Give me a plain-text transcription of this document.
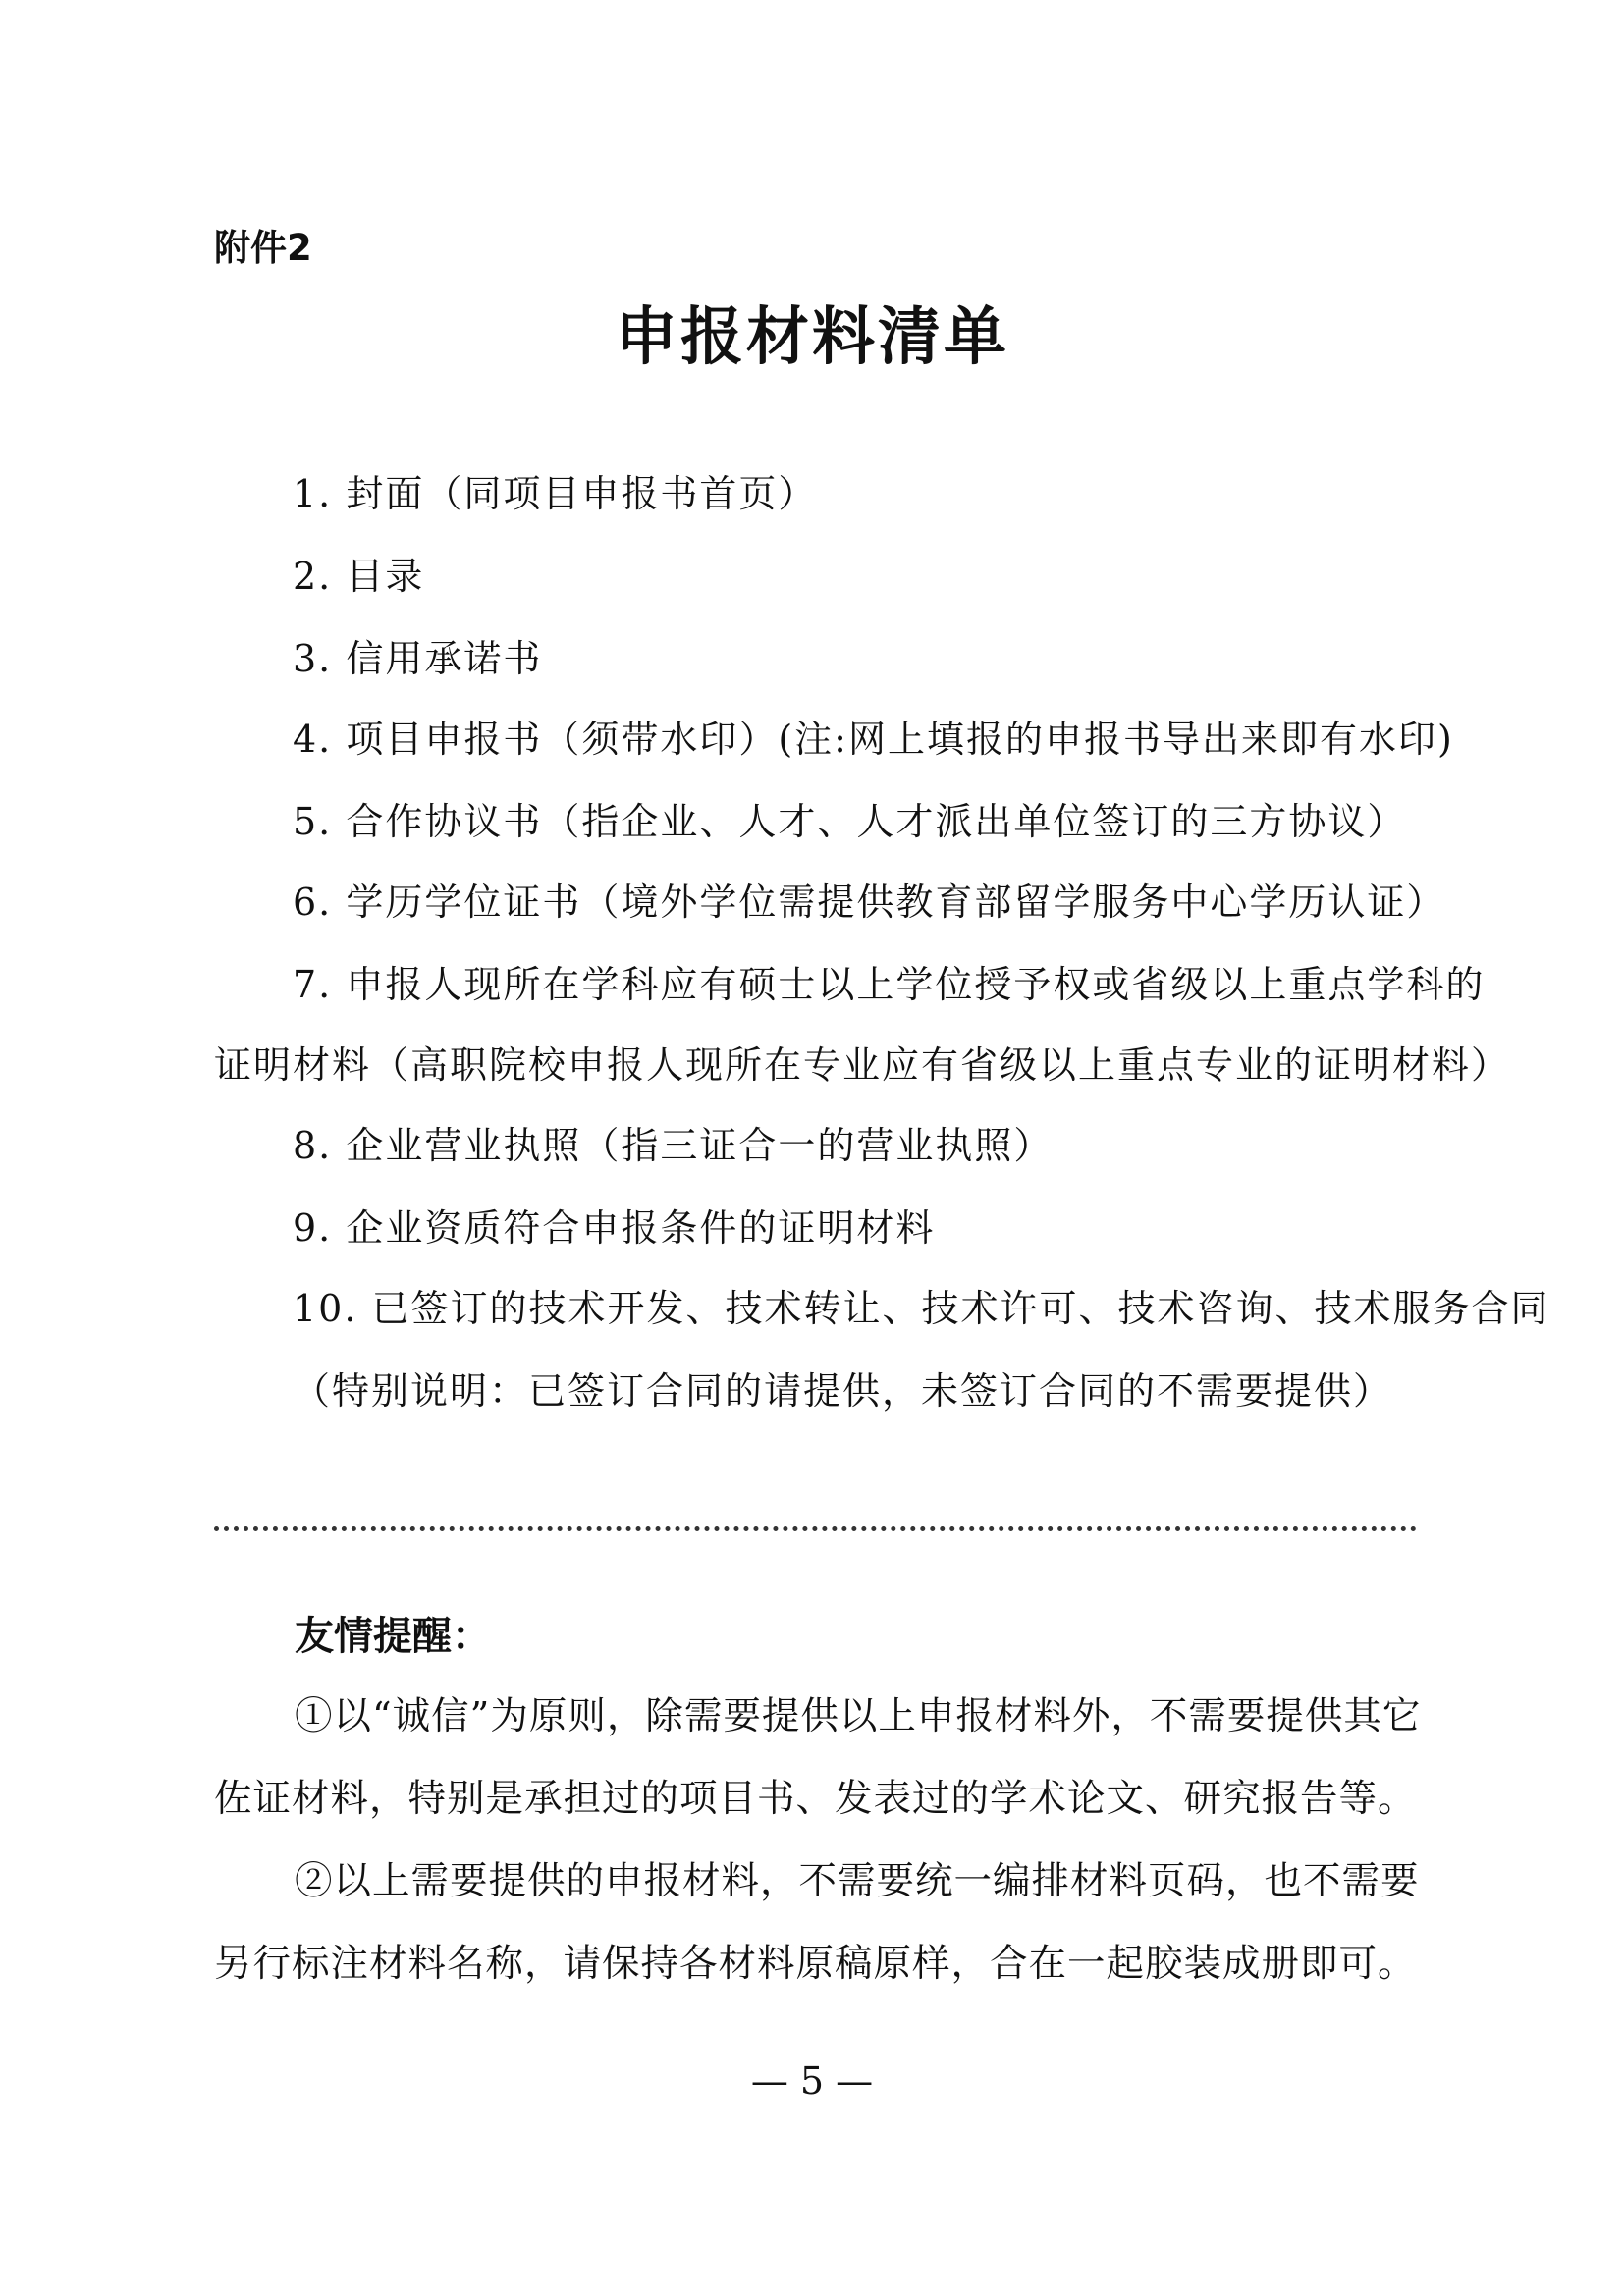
附件2
申报材料清单
1. 封面（同项目申报书首页）
2. 目录
3. 信用承诺书
4. 项目申报书（须带水印）(注:网上填报的申报书导出来即有水印)
5. 合作协议书（指企业、人才、人才派出单位签订的三方协议）
6. 学历学位证书（境外学位需提供教育部留学服务中心学历认证）
7. 申报人现所在学科应有硕士以上学位授予权或省级以上重点学科的
证明材料（高职院校申报人现所在专业应有省级以上重点专业的证明材料）
8. 企业营业执照（指三证合一的营业执照）
9. 企业资质符合申报条件的证明材料
10. 已签订的技术开发、技术转让、技术许可、技术咨询、技术服务合同
（特别说明：已签订合同的请提供，未签订合同的不需要提供）
友情提醒：
①以“诚信”为原则，除需要提供以上申报材料外，不需要提供其它
佐证材料，特别是承担过的项目书、发表过的学术论文、研究报告等。
②以上需要提供的申报材料，不需要统一编排材料页码，也不需要
另行标注材料名称，请保持各材料原稿原样，合在一起胶装成册即可。
— 5 —
